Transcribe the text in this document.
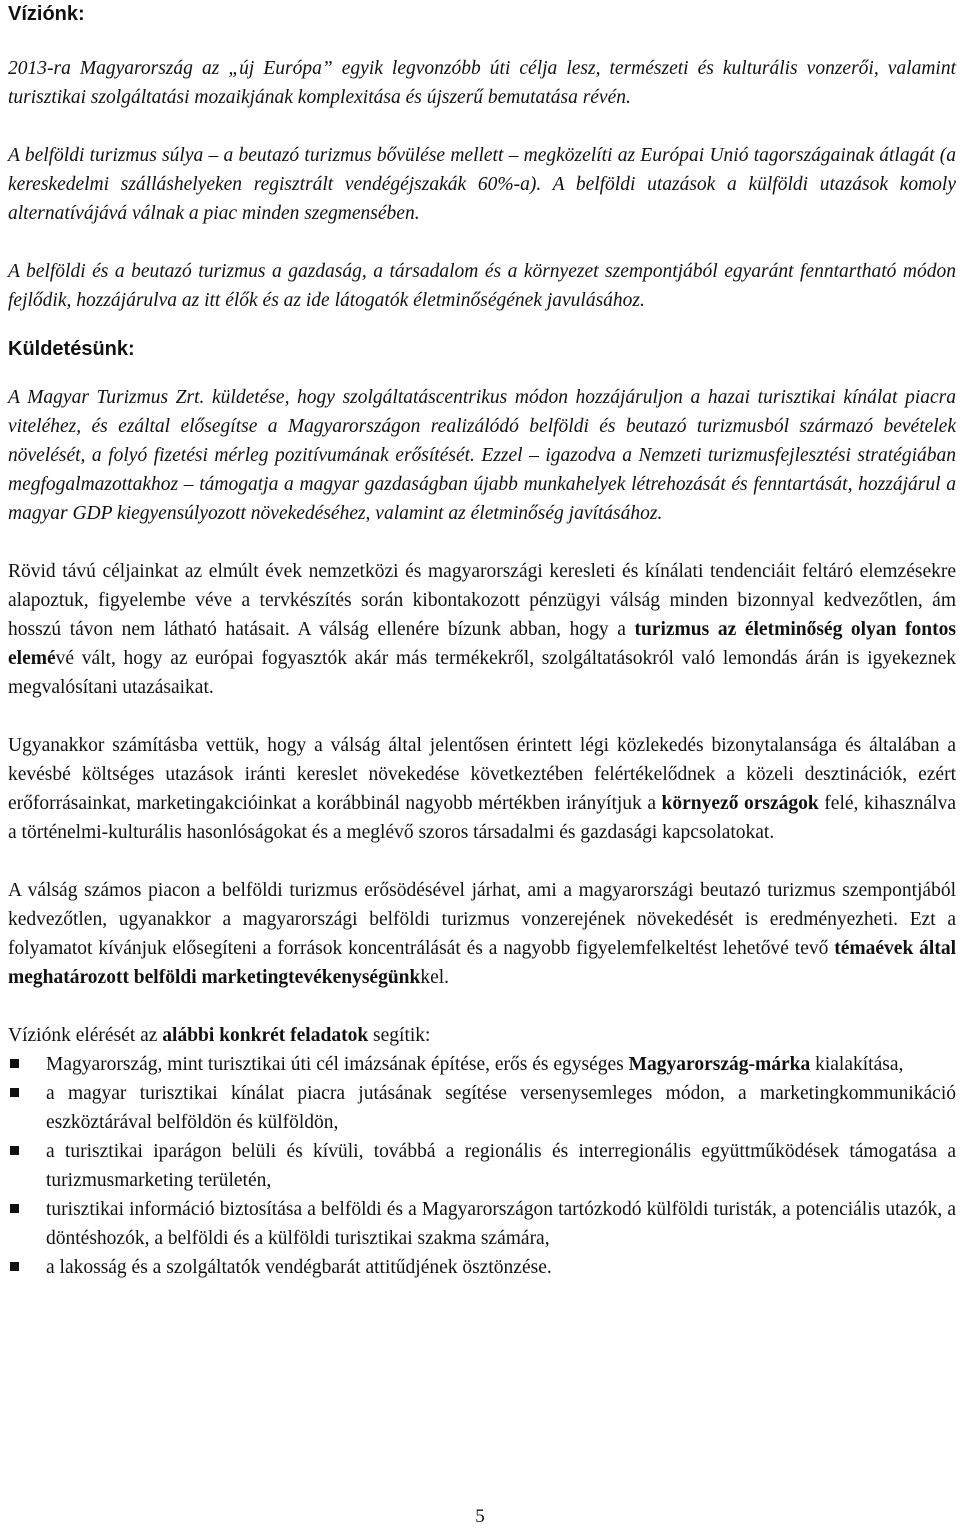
Víziónk:

2013-ra Magyarország az „új Európa” egyik legvonzóbb úti célja lesz, természeti és kulturális vonzerői, valamint turisztikai szolgáltatási mozaikjának komplexitása és újszerű bemutatása révén.

A belföldi turizmus súlya – a beutazó turizmus bővülése mellett – megközelíti az Európai Unió tagországainak átlagát (a kereskedelmi szálláshelyeken regisztrált vendégéjszakák 60%-a). A belföldi utazások a külföldi utazások komoly alternatívájává válnak a piac minden szegmensében.

A belföldi és a beutazó turizmus a gazdaság, a társadalom és a környezet szempontjából egyaránt fenntartható módon fejlődik, hozzájárulva az itt élők és az ide látogatók életminőségének javulásához.

Küldetésünk:

A Magyar Turizmus Zrt. küldetése, hogy szolgáltatáscentrikus módon hozzájáruljon a hazai turisztikai kínálat piacra viteléhez, és ezáltal elősegítse a Magyarországon realizálódó belföldi és beutazó turizmusból származó bevételek növelését, a folyó fizetési mérleg pozitívumának erősítését. Ezzel – igazodva a Nemzeti turizmusfejlesztési stratégiában megfogalmazottakhoz – támogatja a magyar gazdaságban újabb munkahelyek létrehozását és fenntartását, hozzájárul a magyar GDP kiegyensúlyozott növekedéséhez, valamint az életminőség javításához.

Rövid távú céljainkat az elmúlt évek nemzetközi és magyarországi keresleti és kínálati tendenciáit feltáró elemzésekre alapoztuk, figyelembe véve a tervkészítés során kibontakozott pénzügyi válság minden bizonnyal kedvezőtlen, ám hosszú távon nem látható hatásait. A válság ellenére bízunk abban, hogy a turizmus az életminőség olyan fontos elemévé vált, hogy az európai fogyasztók akár más termékekről, szolgáltatásokról való lemondás árán is igyekeznek megvalósítani utazásaikat.

Ugyanakkor számításba vettük, hogy a válság által jelentősen érintett légi közlekedés bizonytalansága és általában a kevésbé költséges utazások iránti kereslet növekedése következtében felértékelődnek a közeli desztinációk, ezért erőforrásainkat, marketingakcióinkat a korábbinál nagyobb mértékben irányítjuk a környező országok felé, kihasználva a történelmi-kulturális hasonlóságokat és a meglévő szoros társadalmi és gazdasági kapcsolatokat.

A válság számos piacon a belföldi turizmus erősödésével járhat, ami a magyarországi beutazó turizmus szempontjából kedvezőtlen, ugyanakkor a magyarországi belföldi turizmus vonzerejének növekedését is eredményezheti. Ezt a folyamatot kívánjuk elősegíteni a források koncentrálását és a nagyobb figyelemfelkeltést lehetővé tevő témaévek által meghatározott belföldi marketingtevékenységünkkel.

Víziónk elérését az alábbi konkrét feladatok segítik:

Magyarország, mint turisztikai úti cél imázsának építése, erős és egységes Magyarország-márka kialakítása,
a magyar turisztikai kínálat piacra jutásának segítése versenysemleges módon, a marketingkommunikáció eszköztárával belföldön és külföldön,
a turisztikai iparágon belüli és kívüli, továbbá a regionális és interregionális együttműködések támogatása a turizmusmarketing területén,
turisztikai információ biztosítása a belföldi és a Magyarországon tartózkodó külföldi turisták, a potenciális utazók, a döntéshozók, a belföldi és a külföldi turisztikai szakma számára,
a lakosság és a szolgáltatók vendégbarát attitűdjének ösztönzése.
5
